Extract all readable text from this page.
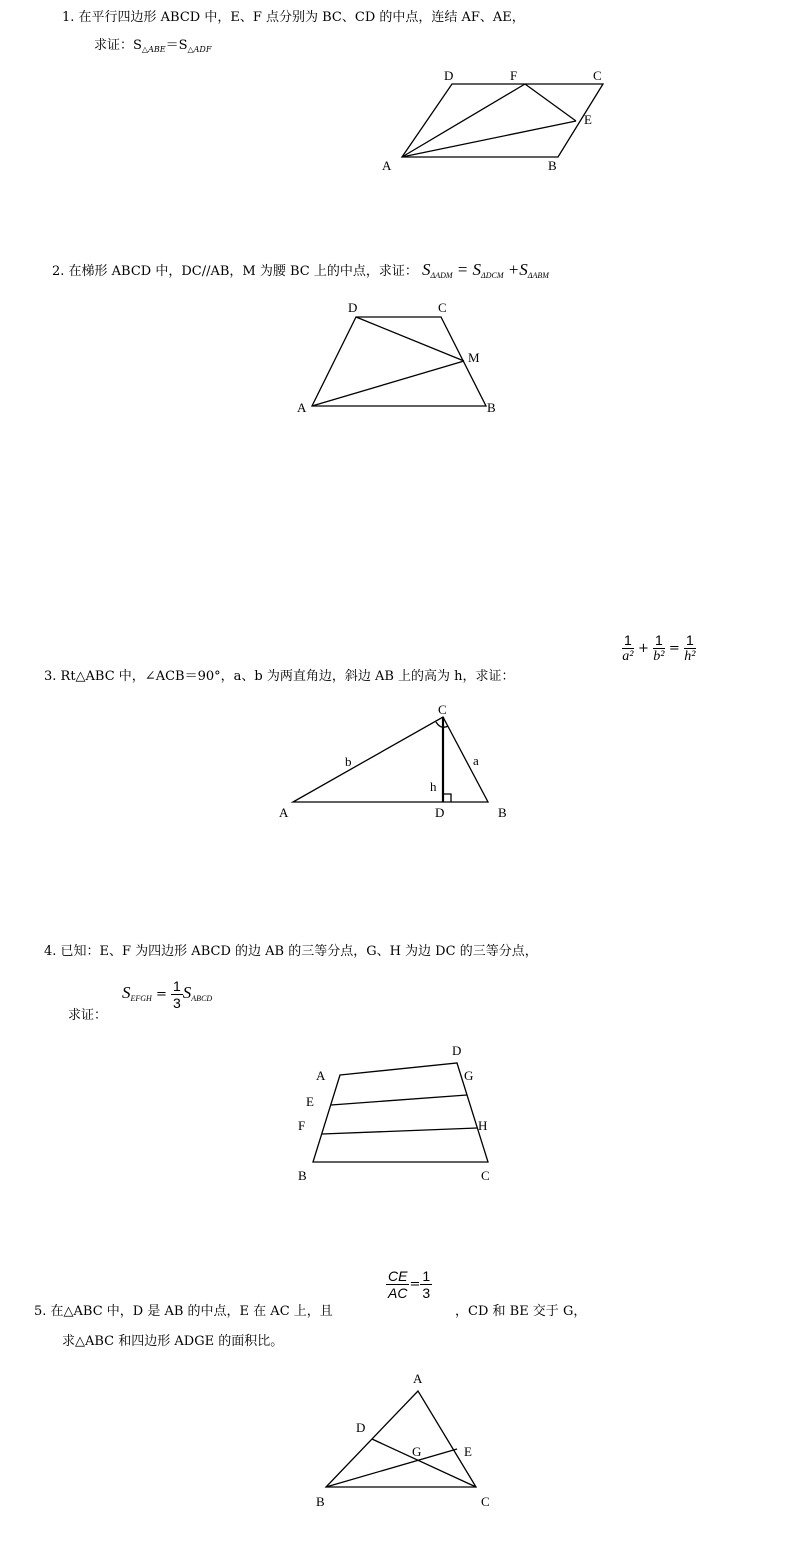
1. 在平行四边形 ABCD 中，E、F 点分别为 BC、CD 的中点，连结 AF、AE，
求证：$S_{\triangle ABE}=S_{\triangle ADF}$
2. 在梯形 ABCD 中，DC//AB，M 为腰 BC 上的中点，求证： $S_{\Delta ADM} = S_{\Delta DCM} +S_{\Delta ABM}$
3. Rt△ABC 中，∠ACB＝90°，a、b 为两直角边，斜边 AB 上的高为 h，求证：
$\frac{1}{\text{a²}} + \frac{1}{\text{b²}} = \frac{1}{\text{h²}}$
4. 已知：E、F 为四边形 ABCD 的边 AB 的三等分点，G、H 为边 DC 的三等分点，
求证：
$S_{EFGH} = \frac{1}{3} S_{ABCD}$
5. 在△ABC 中，D 是 AB 的中点，E 在 AC 上，且
$\frac{CE}{AC} = \frac{1}{3}$
，CD 和 BE 交于 G，
求△ABC 和四边形 ADGE 的面积比。
D	F	C
E
A	B
D	C
M
A	B
C
b	a
h
A	D	B
D
A	G
E
F	H
B	C
A
D
G	E
B	C
